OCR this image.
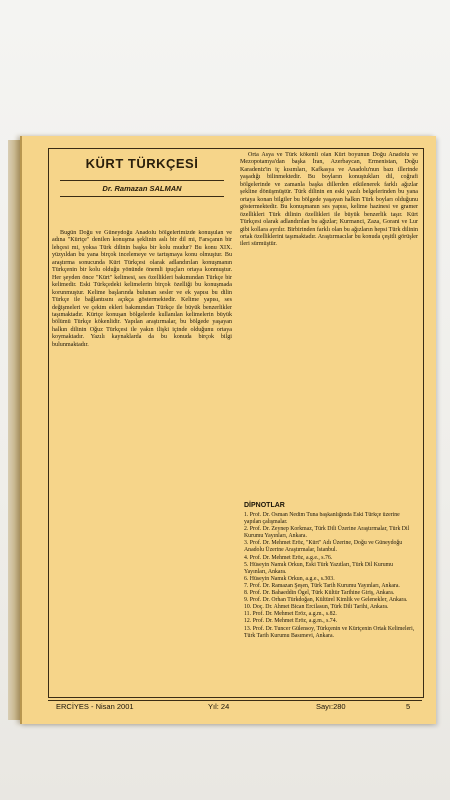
KÜRT TÜRKÇESİ
Dr. Ramazan SALMAN

Bugün Doğu ve Güneydoğu Anadolu bölgelerimizde konuşulan ve adına "Kürtçe" denilen konuşma şeklinin aslı bir dil mi, Farsçanın bir lehçesi mi, yoksa Türk dilinin başka bir kolu mudur? Bu konu XIX. yüzyıldan bu yana birçok incelemeye ve tartışmaya konu olmuştur. Bu araştırma sonucunda Kürt Türkçesi olarak adlandırılan konuşmanın Türkçenin bir kolu olduğu yönünde önemli ipuçları ortaya konmuştur. Her şeyden önce "Kürt" kelimesi, ses özellikleri bakımından Türkçe bir kelimedir. Eski Türkçedeki kelimelerin birçok özelliği bu konuşmada korunmuştur. Kelime başlarında bulunan sesler ve ek yapısı bu dilin Türkçe ile bağlantısını açıkça göstermektedir. Kelime yapısı, ses değişmeleri ve çekim ekleri bakımından Türkçe ile büyük benzerlikler taşımaktadır. Kürtçe konuşan bölgelerde kullanılan kelimelerin büyük bölümü Türkçe kökenlidir. Yapılan araştırmalar, bu bölgede yaşayan halkın dilinin Oğuz Türkçesi ile yakın ilişki içinde olduğunu ortaya koymaktadır. Yazılı kaynaklarda da bu konuda birçok bilgi bulunmaktadır.

Orta Asya ve Türk kökenli olan Kürt boyunun Doğu Anadolu ve Mezopotamya'dan başka İran, Azerbaycan, Ermenistan, Doğu Karadeniz'in iç kısımları, Kafkasya ve Anadolu'nun bazı illerinde yaşadığı bilinmektedir. Bu boyların konuştukları dil, coğrafi bölgelerinde ve zamanla başka dillerden etkilenerek farklı ağızlar şekline dönüşmüştür. Türk dilinin en eski yazılı belgelerinden bu yana ortaya konan bilgiler bu bölgede yaşayan halkın Türk boyları olduğunu göstermektedir. Bu konuşmanın ses yapısı, kelime hazinesi ve gramer özellikleri Türk dilinin özellikleri ile büyük benzerlik taşır. Kürt Türkçesi olarak adlandırılan bu ağızlar; Kurmanci, Zaza, Gorani ve Lur gibi kollara ayrılır. Birbirinden farklı olan bu ağızların hepsi Türk dilinin ortak özelliklerini taşımaktadır. Araştırmacılar bu konuda çeşitli görüşler ileri sürmüştür.

DİPNOTLAR

1. Prof. Dr. Osman Nedim Tuna başkanlığında Eski Türkçe üzerine yapılan çalışmalar.

2. Prof. Dr. Zeynep Korkmaz, Türk Dili Üzerine Araştırmalar, Türk Dil Kurumu Yayınları, Ankara.

3. Prof. Dr. Mehmet Eröz, "Kürt" Adı Üzerine, Doğu ve Güneydoğu Anadolu Üzerine Araştırmalar, İstanbul.

4. Prof. Dr. Mehmet Eröz, a.g.e., s.76.

5. Hüseyin Namık Orkun, Eski Türk Yazıtları, Türk Dil Kurumu Yayınları, Ankara.

6. Hüseyin Namık Orkun, a.g.e., s.303.

7. Prof. Dr. Ramazan Şeşen, Türk Tarih Kurumu Yayınları, Ankara.

8. Prof. Dr. Bahaeddin Ögel, Türk Kültür Tarihine Giriş, Ankara.

9. Prof. Dr. Orhan Türkdoğan, Kültürel Kimlik ve Gelenekler, Ankara.

10. Doç. Dr. Ahmet Bican Ercilasun, Türk Dili Tarihi, Ankara.

11. Prof. Dr. Mehmet Eröz, a.g.m., s.82.

12. Prof. Dr. Mehmet Eröz, a.g.m., s.74.

13. Prof. Dr. Tuncer Gülensoy, Türkçenin ve Kürtçenin Ortak Kelimeleri, Türk Tarih Kurumu Basımevi, Ankara.

ERCİYES - Nisan 2001	Yıl: 24	Sayı:280	5
